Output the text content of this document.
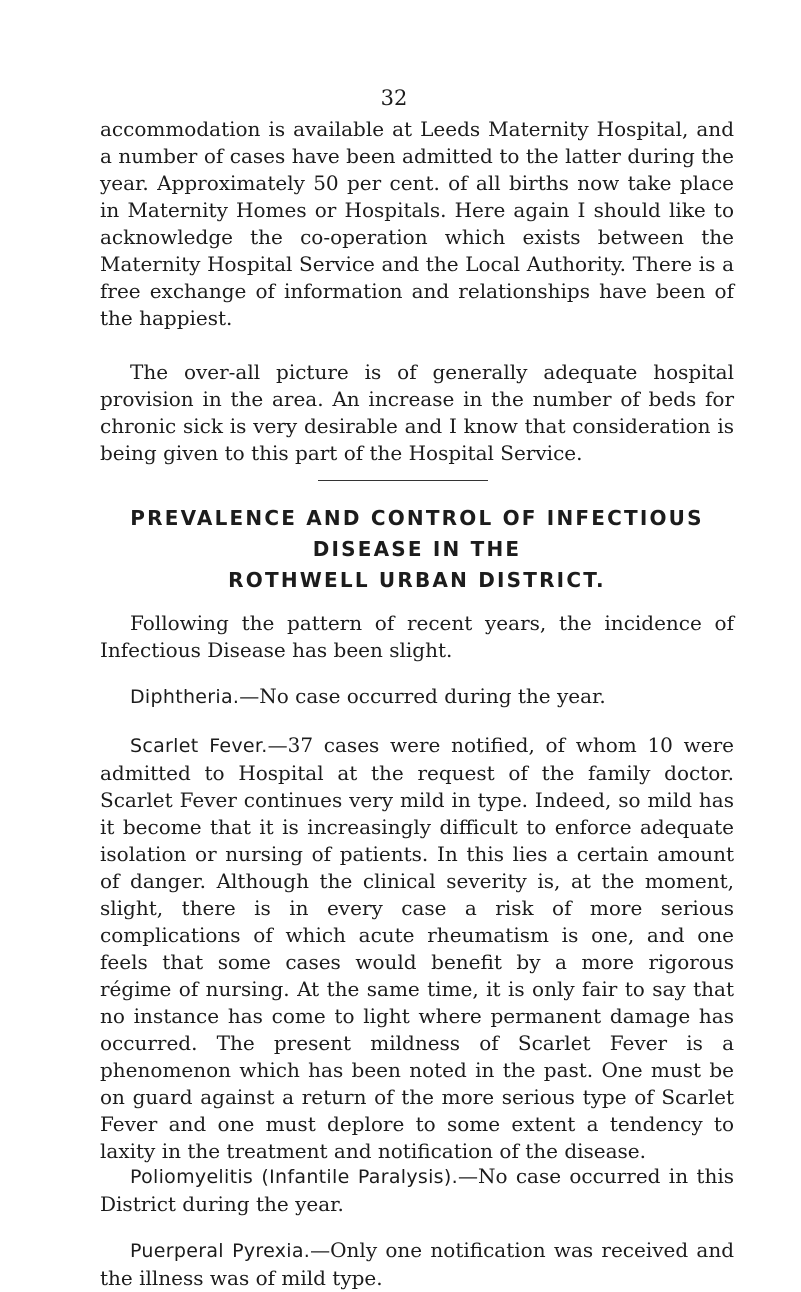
32

accommodation is available at Leeds Maternity Hospital, and a number of cases have been admitted to the latter during the year. Approximately 50 per cent. of all births now take place in Maternity Homes or Hospitals. Here again I should like to acknowledge the co-operation which exists between the Maternity Hospital Service and the Local Authority. There is a free exchange of information and relationships have been of the happiest.

The over-all picture is of generally adequate hospital provision in the area. An increase in the number of beds for chronic sick is very desirable and I know that consideration is being given to this part of the Hospital Service.

PREVALENCE AND CONTROL OF INFECTIOUS
DISEASE IN THE
ROTHWELL URBAN DISTRICT.

Following the pattern of recent years, the incidence of Infectious Disease has been slight.

Diphtheria.—No case occurred during the year.

Scarlet Fever.—37 cases were notified, of whom 10 were admitted to Hospital at the request of the family doctor. Scarlet Fever continues very mild in type. Indeed, so mild has it become that it is increasingly difficult to enforce adequate isolation or nursing of patients. In this lies a certain amount of danger. Although the clinical severity is, at the moment, slight, there is in every case a risk of more serious complications of which acute rheumatism is one, and one feels that some cases would benefit by a more rigorous régime of nursing. At the same time, it is only fair to say that no instance has come to light where permanent damage has occurred. The present mildness of Scarlet Fever is a phenomenon which has been noted in the past. One must be on guard against a return of the more serious type of Scarlet Fever and one must deplore to some extent a tendency to laxity in the treatment and notification of the disease.

Poliomyelitis (Infantile Paralysis).—No case occurred in this District during the year.

Puerperal Pyrexia.—Only one notification was received and the illness was of mild type.
